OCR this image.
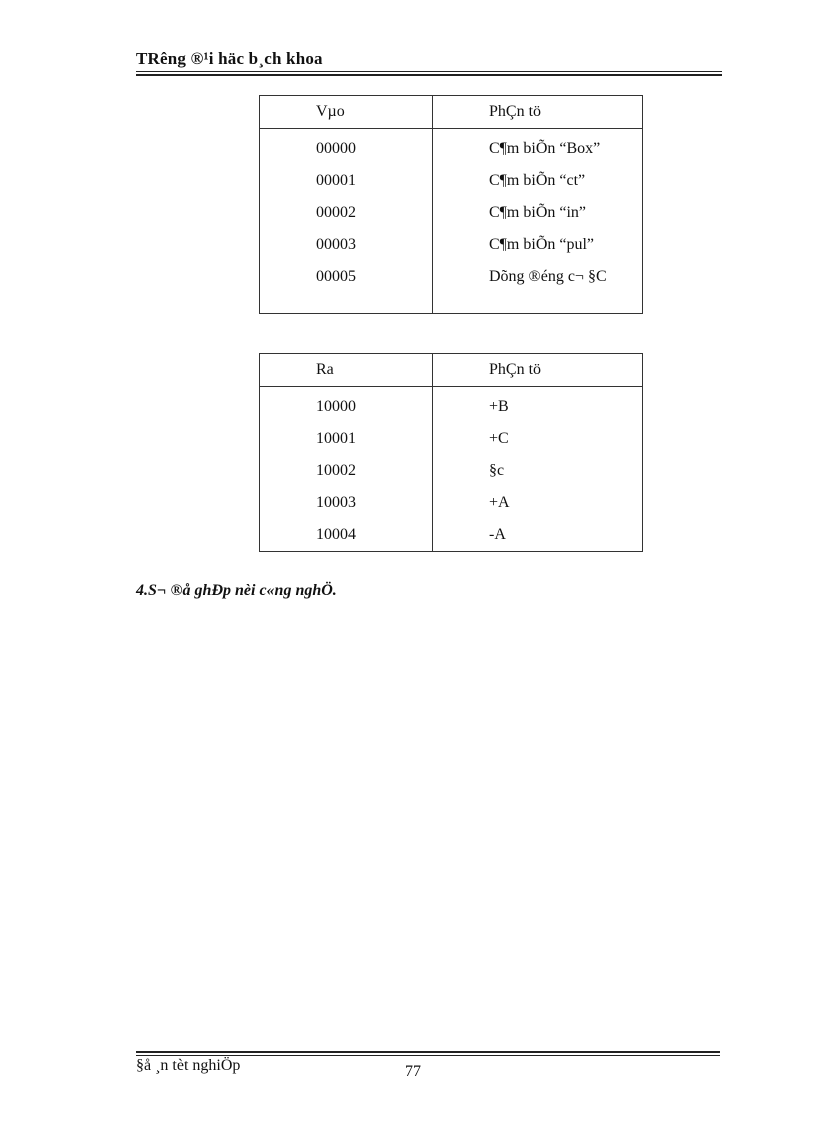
TRêng ®¹i häc b¸ch khoa
Vµo	PhÇn tö
00000	C¶m biÕn “Box”
00001	C¶m biÕn “ct”
00002	C¶m biÕn “in”
00003	C¶m biÕn “pul”
00005	Dõng ®éng c¬ §C

Ra	PhÇn tö
10000	+B
10001	+C
10002	§c
10003	+A
10004	-A
4.S¬ ®å ghÐp nèi c«ng nghÖ.
§å ¸n tèt nghiÖp	77
